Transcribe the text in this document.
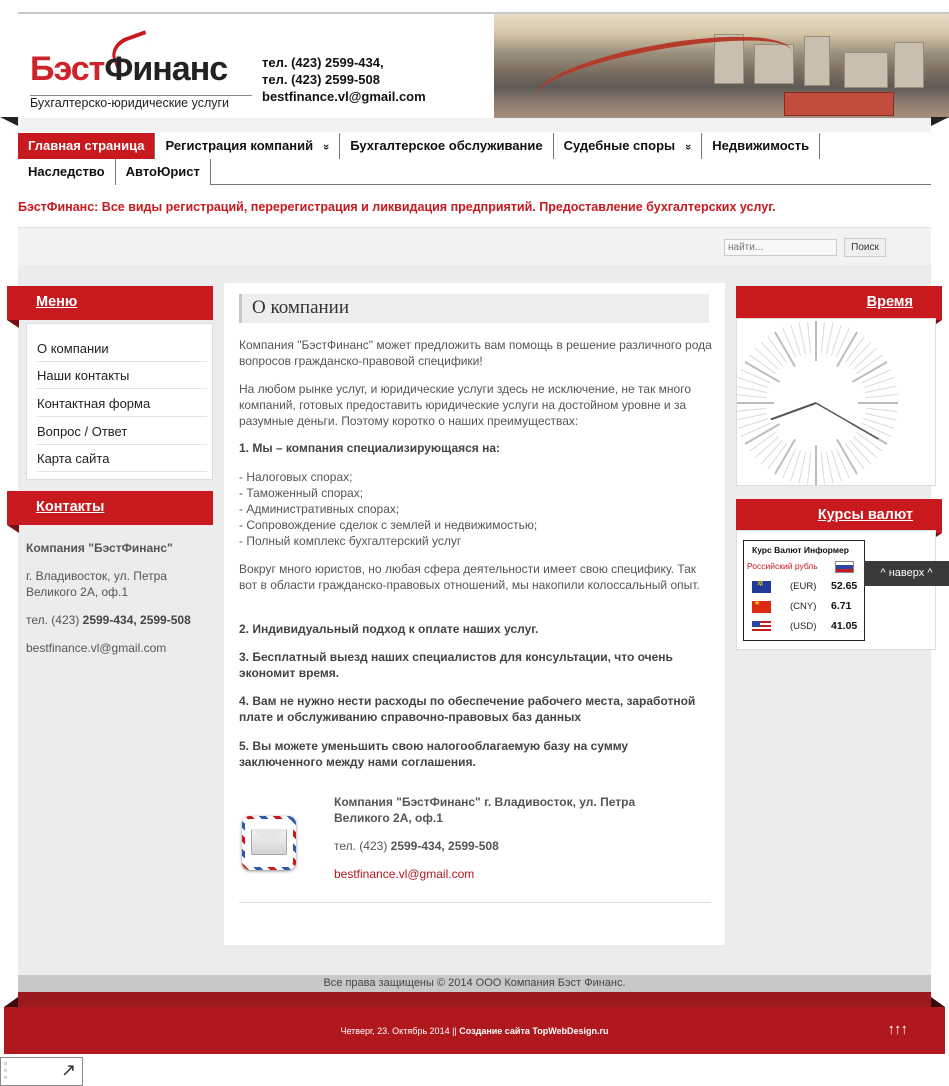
БэстФинанс
Бухгалтерско-юридические услуги
тел. (423) 2599-434,
тел. (423) 2599-508
bestfinance.vl@gmail.com
Главная страница	Регистрация компаний »	Бухгалтерское обслуживание	Судебные споры »	Недвижимость
Наследство	АвтоЮрист
БэстФинанс: Все виды регистраций, перерегистрация и ликвидация предприятий. Предоставление бухгалтерских услуг.
найти...
Поиск
Меню
О компании
Наши контакты
Контактная форма
Вопрос / Ответ
Карта сайта
Контакты
Компания "БэстФинанс"
г. Владивосток, ул. Петра Великого 2А, оф.1
тел. (423) 2599-434, 2599-508
bestfinance.vl@gmail.com
О компании
Компания "БэстФинанс" может предложить вам помощь в решение различного рода вопросов гражданско-правовой специфики!
На любом рынке услуг, и юридические услуги здесь не исключение, не так много компаний, готовых предоставить юридические услуги на достойном уровне и за разумные деньги. Поэтому коротко о наших преимуществах:
1. Мы – компания специализирующаяся на:
- Налоговых спорах;
- Таможенный спорах;
- Административных спорах;
- Сопровождение сделок с землей и недвижимостью;
- Полный комплекс бухгалтерский услуг
Вокруг много юристов, но любая сфера деятельности имеет свою специфику. Так вот в области гражданско-правовых отношений, мы накопили колоссальный опыт.
2. Индивидуальный подход к оплате наших услуг.
3. Бесплатный выезд наших специалистов для консультации, что очень экономит время.
4. Вам не нужно нести расходы по обеспечение рабочего места, заработной плате и обслуживанию справочно-правовых баз данных
5. Вы можете уменьшить свою налогооблагаемую базу на сумму заключенного между нами соглашения.
Компания "БэстФинанс" г. Владивосток, ул. Петра Великого 2А, оф.1
тел. (423) 2599-434, 2599-508
bestfinance.vl@gmail.com
Время
Курсы валют
Курс Валют Информер
Российский рубль
✲	(EUR) 52.65
★	(CNY) 6.71
(USD) 41.05
^ наверх ^
Все права защищены © 2014 ООО Компания Бэст Финанс.
Четверг, 23. Октябрь 2014 || Создание сайта TopWebDesign.ru	↑↑↑
▫
▫
▫	↗
